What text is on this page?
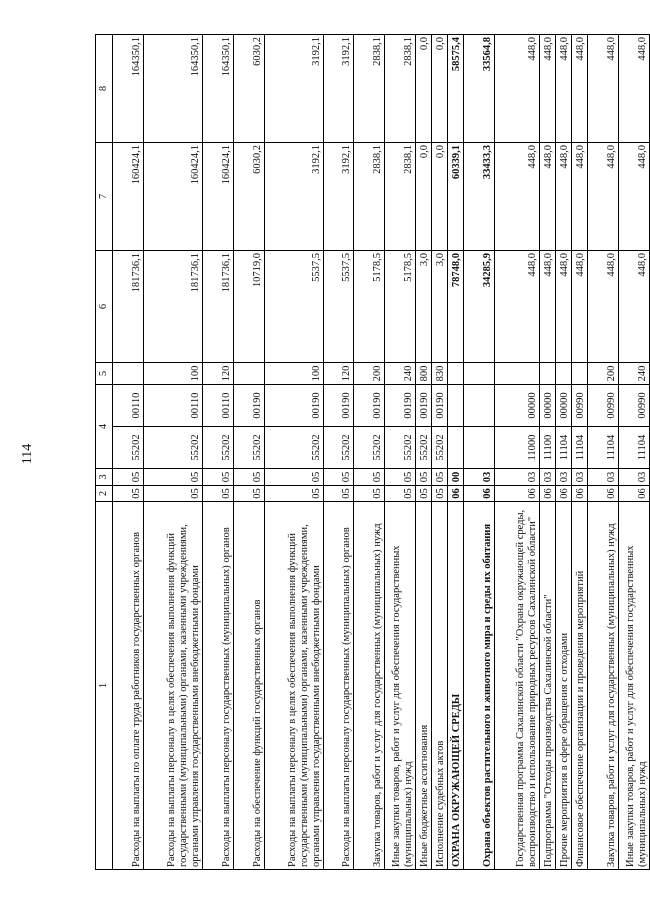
114
1	2	3	4		5	6	7	8
Расходы на выплаты по оплате труда работников государственных органов	05	05	55202	00110		181736,1	160424,1	164350,1
Расходы на выплаты персоналу в целях обеспечения выполнения функций государственными (муниципальными) органами, казенными учреждениями, органами управления государственными внебюджетными фондами	05	05	55202	00110	100	181736,1	160424,1	164350,1
Расходы на выплаты персоналу государственных (муниципальных) органов	05	05	55202	00110	120	181736,1	160424,1	164350,1
Расходы на обеспечение функций государственных органов	05	05	55202	00190		10719,0	6030,2	6030,2
Расходы на выплаты персоналу в целях обеспечения выполнения функций государственными (муниципальными) органами, казенными учреждениями, органами управления государственными внебюджетными фондами	05	05	55202	00190	100	5537,5	3192,1	3192,1
Расходы на выплаты персоналу государственных (муниципальных) органов	05	05	55202	00190	120	5537,5	3192,1	3192,1
Закупка товаров, работ и услуг для государственных (муниципальных) нужд	05	05	55202	00190	200	5178,5	2838,1	2838,1
Иные закупки товаров, работ и услуг для обеспечения государственных (муниципальных) нужд	05	05	55202	00190	240	5178,5	2838,1	2838,1
Иные бюджетные ассигнования	05	05	55202	00190	800	3,0	0,0	0,0
Исполнение судебных актов	05	05	55202	00190	830	3,0	0,0	0,0
ОХРАНА ОКРУЖАЮЩЕЙ СРЕДЫ	06	00				78748,0	60339,1	58575,4
Охрана объектов растительного и животного мира и среды их обитания	06	03				34285,9	33433,3	33564,8
Государственная программа Сахалинской области "Охрана окружающей среды, воспроизводство и использование природных ресурсов Сахалинской области"	06	03	11000	00000		448,0	448,0	448,0
Подпрограмма "Отходы производства Сахалинской области"	06	03	11100	00000		448,0	448,0	448,0
Прочие мероприятия в сфере обращения с отходами	06	03	11104	00000		448,0	448,0	448,0
Финансовое обеспечение организации и проведения мероприятий	06	03	11104	00990		448,0	448,0	448,0
Закупка товаров, работ и услуг для государственных (муниципальных) нужд	06	03	11104	00990	200	448,0	448,0	448,0
Иные закупки товаров, работ и услуг для обеспечения государственных (муниципальных) нужд	06	03	11104	00990	240	448,0	448,0	448,0
